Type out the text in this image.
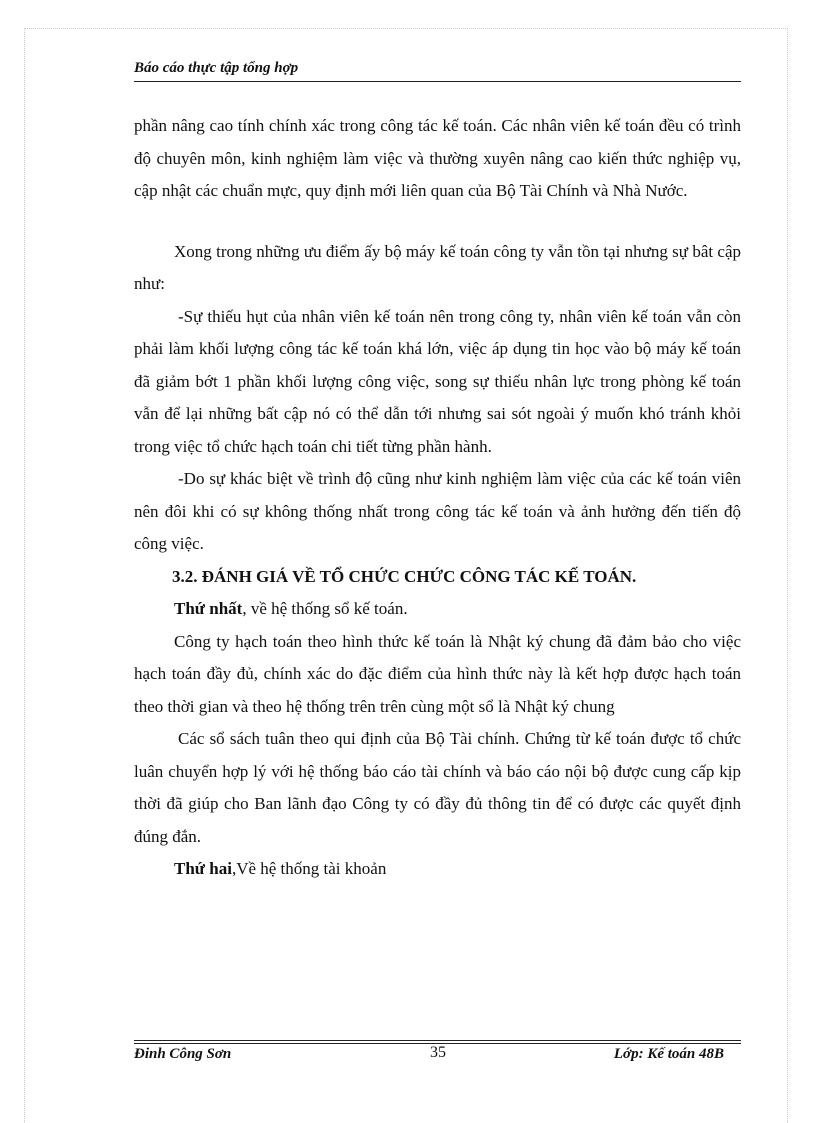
Báo cáo thực tập tổng hợp

phần nâng cao tính chính xác trong công tác kế toán. Các nhân viên kế toán đều có trình độ chuyên môn, kinh nghiệm làm việc và thường xuyên nâng cao kiến thức nghiệp vụ, cập nhật các chuẩn mực, quy định mới liên quan của Bộ Tài Chính và Nhà Nước.

Xong trong những ưu điểm ấy bộ máy kế toán công ty vẫn tồn tại nhưng sự bât cập như:

-Sự thiếu hụt của nhân viên kế toán nên trong công ty, nhân viên kế toán vẫn còn phải làm khối lượng công tác kế toán khá lớn, việc áp dụng tin học vào bộ máy kế toán đã giảm bớt 1 phần khối lượng công việc, song sự thiếu nhân lực trong phòng kế toán vẫn để lại những bất cập nó có thể dẫn tới nhưng sai sót ngoài ý muốn khó tránh khỏi trong việc tổ chức hạch toán chi tiết từng phần hành.

-Do sự khác biệt về trình độ cũng như kinh nghiệm làm việc của các kế toán viên nên đôi khi có sự không thống nhất trong công tác kế toán và ảnh hưởng đến tiến độ công việc.

3.2. ĐÁNH GIÁ VỀ TỔ CHỨC CHỨC CÔNG TÁC KẾ TOÁN.

Thứ nhất, về hệ thống sổ kế toán.

Công ty hạch toán theo hình thức kế toán là Nhật ký chung đã đảm bảo cho việc hạch toán đầy đủ, chính xác do đặc điểm của hình thức này là kết hợp được hạch toán theo thời gian và theo hệ thống trên trên cùng một sổ là Nhật ký chung

Các sổ sách tuân theo qui định của Bộ Tài chính. Chứng từ kế toán được tổ chức luân chuyển hợp lý với hệ thống báo cáo tài chính và báo cáo nội bộ được cung cấp kịp thời đã giúp cho Ban lãnh đạo Công ty có đầy đủ thông tin để có được các quyết định đúng đắn.

Thứ hai,Về hệ thống tài khoản

Đinh Công Sơn	35	Lớp: Kế toán 48B
